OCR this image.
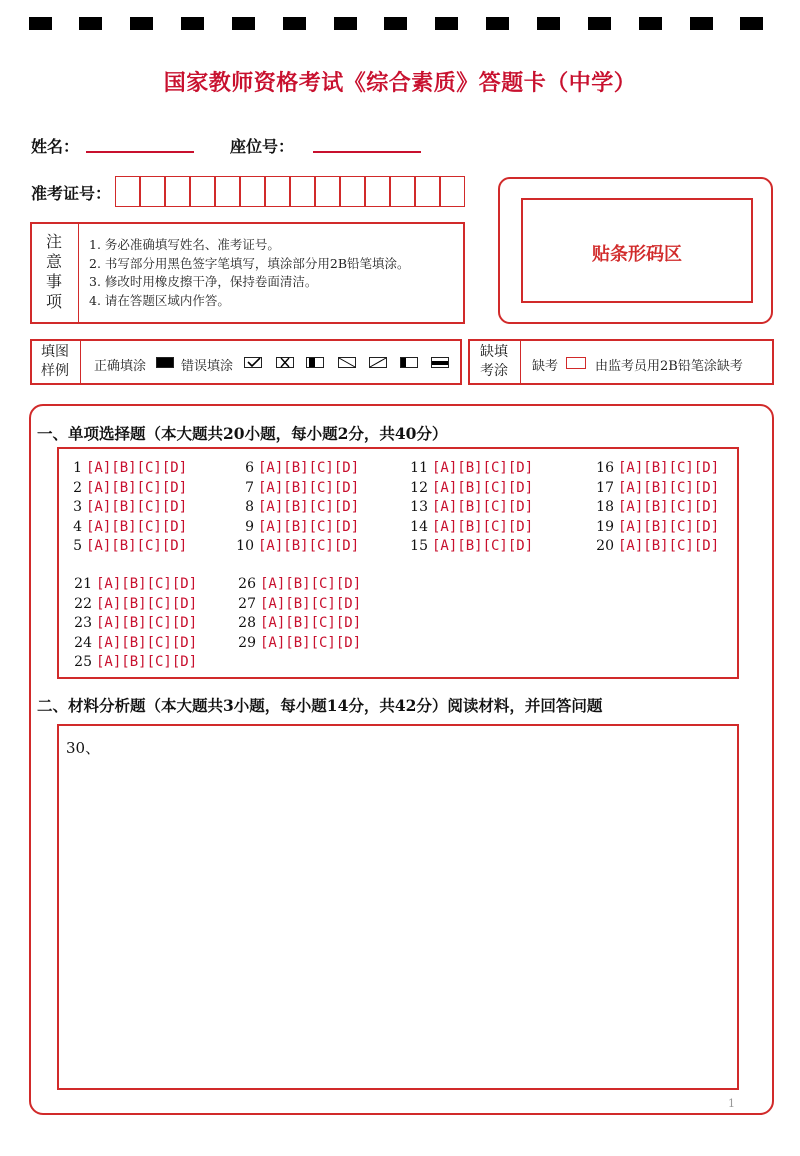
国家教师资格考试《综合素质》答题卡（中学）
姓名：	座位号：
准考证号：
注
意
事
项
1. 务必准确填写姓名、准考证号。
2. 书写部分用黑色签字笔填写，填涂部分用2B铅笔填涂。
3. 修改时用橡皮擦干净，保持卷面清洁。
4. 请在答题区域内作答。
贴条形码区
填图
样例	正确填涂	错误填涂
缺填
考涂	缺考	由监考员用2B铅笔涂缺考
一、单项选择题（本大题共20小题，每小题2分，共40分）
1 [A][B][C][D]
2 [A][B][C][D]
3 [A][B][C][D]
4 [A][B][C][D]
5 [A][B][C][D]
6 [A][B][C][D]
7 [A][B][C][D]
8 [A][B][C][D]
9 [A][B][C][D]
10 [A][B][C][D]
11 [A][B][C][D]
12 [A][B][C][D]
13 [A][B][C][D]
14 [A][B][C][D]
15 [A][B][C][D]
16 [A][B][C][D]
17 [A][B][C][D]
18 [A][B][C][D]
19 [A][B][C][D]
20 [A][B][C][D]
21 [A][B][C][D]
22 [A][B][C][D]
23 [A][B][C][D]
24 [A][B][C][D]
25 [A][B][C][D]
26 [A][B][C][D]
27 [A][B][C][D]
28 [A][B][C][D]
29 [A][B][C][D]
二、材料分析题（本大题共3小题，每小题14分，共42分）阅读材料，并回答问题
30、
1
